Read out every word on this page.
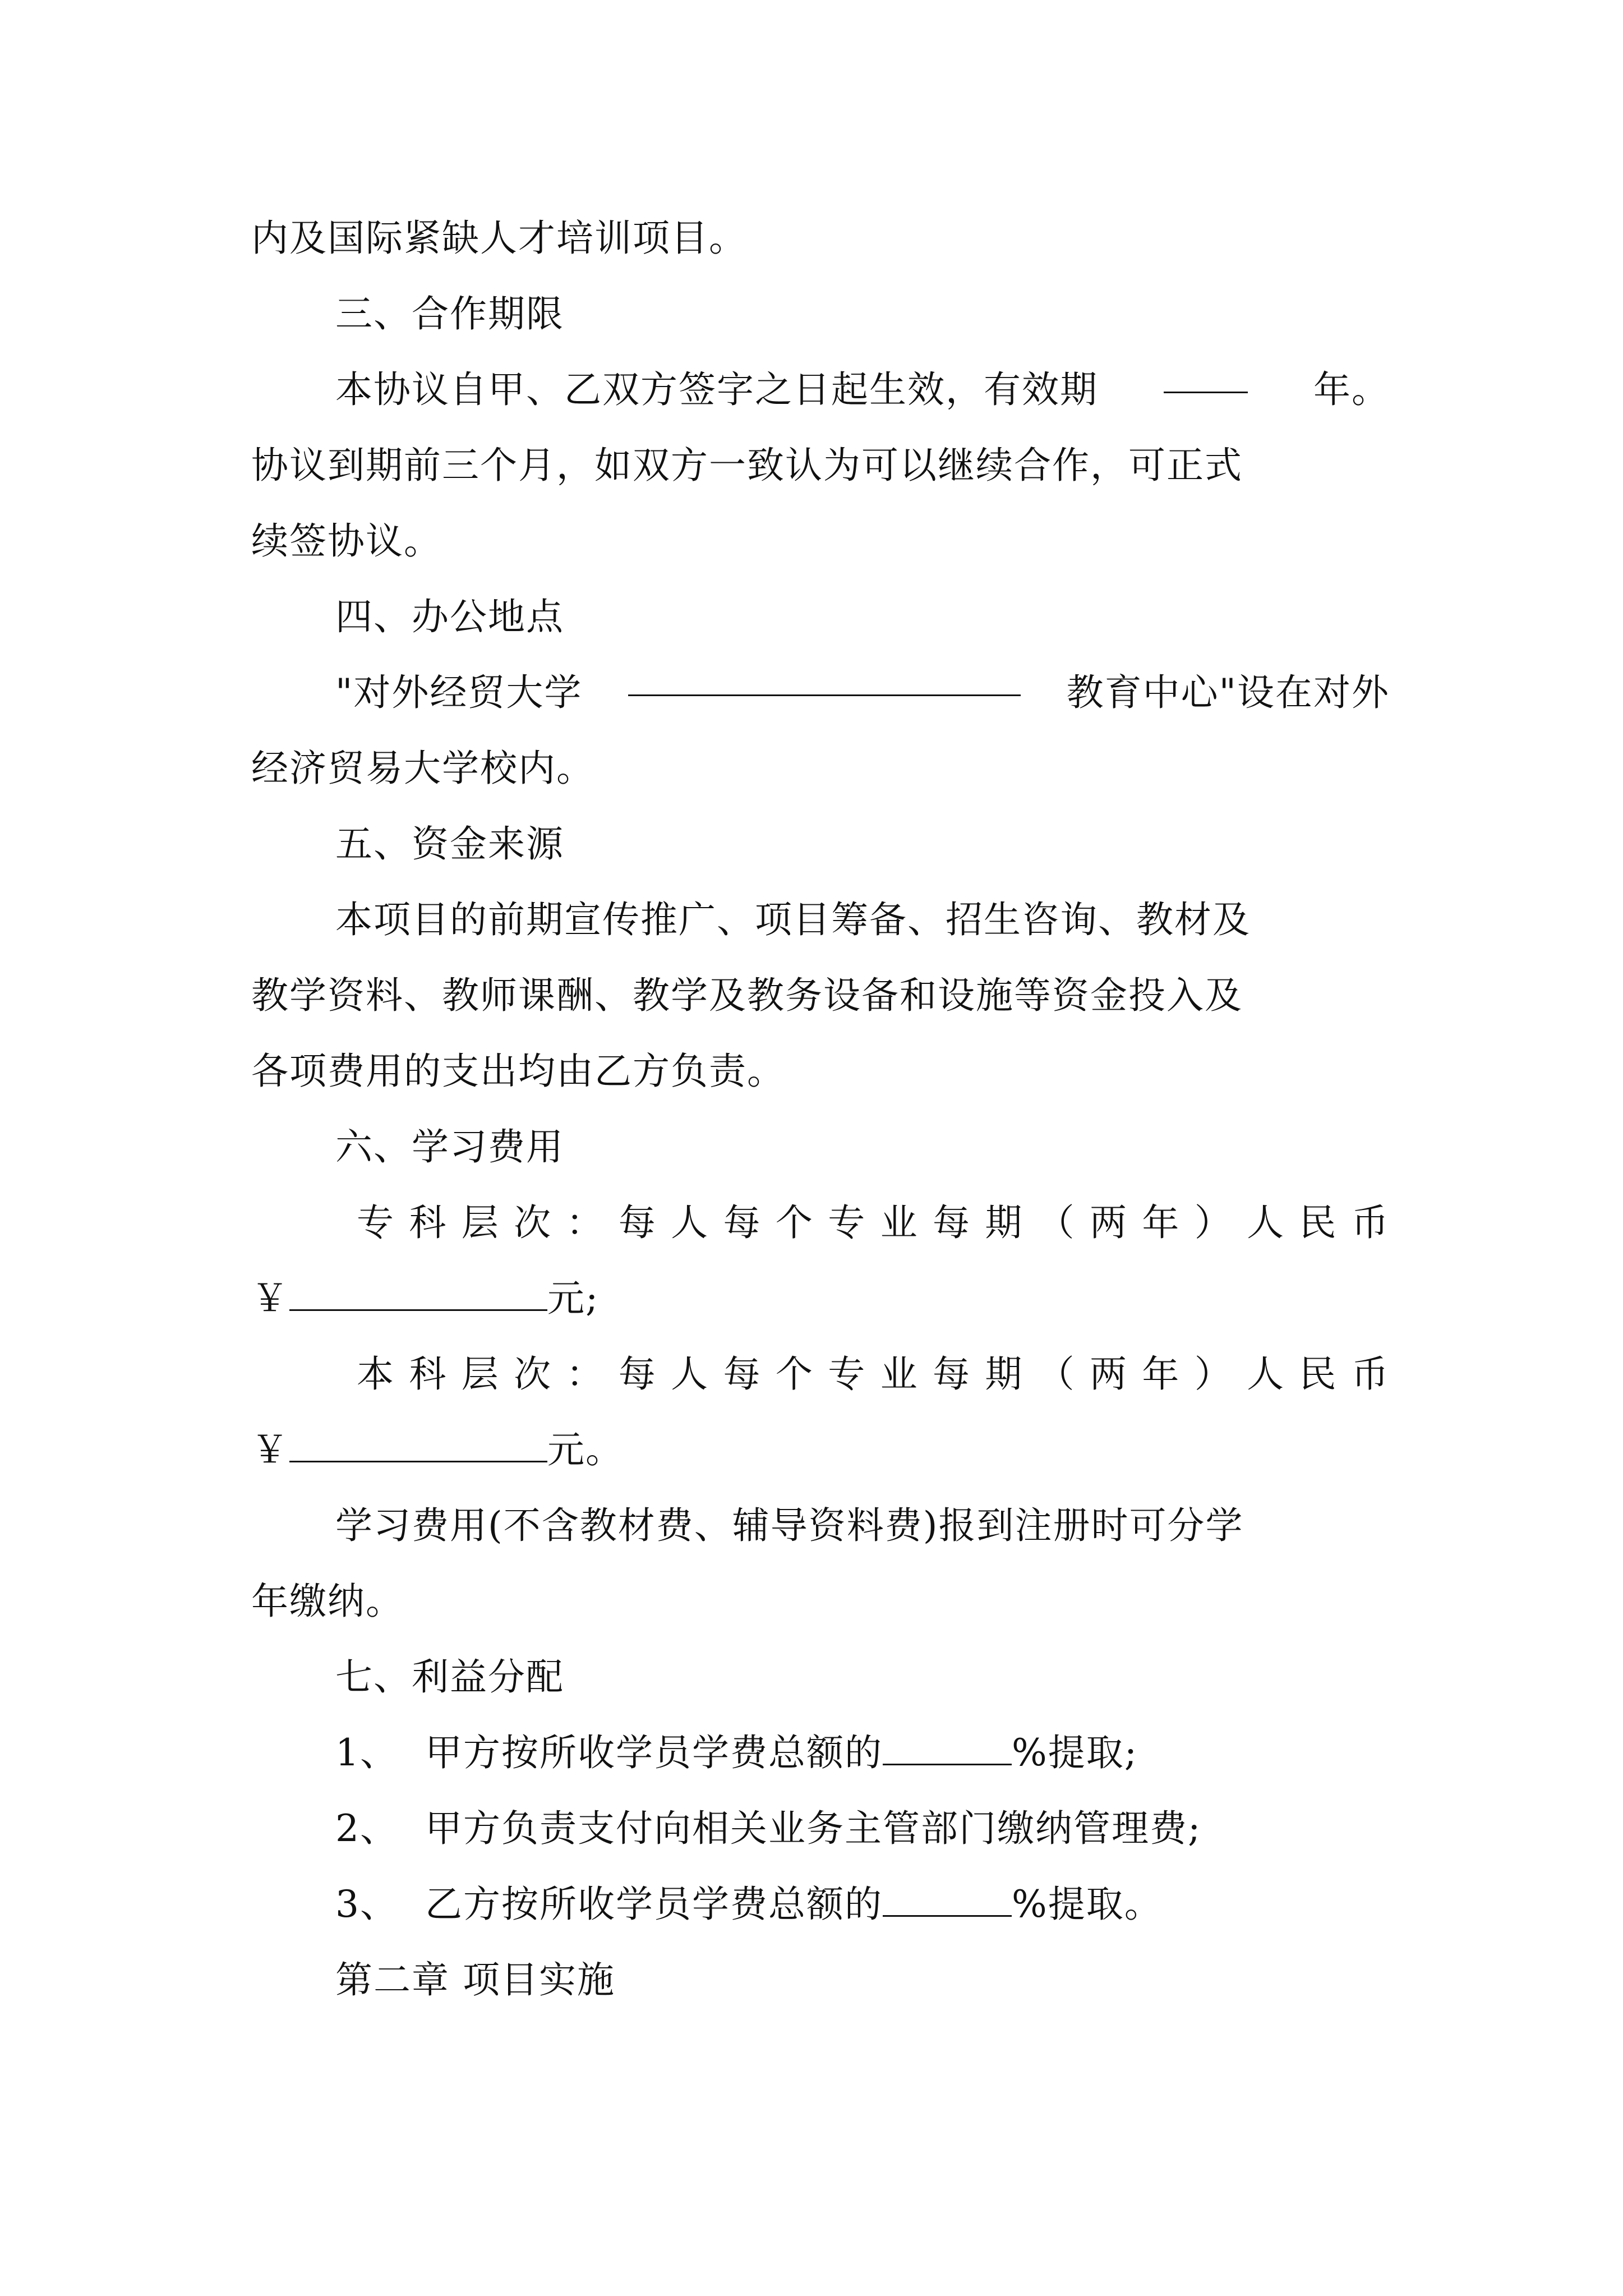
内及国际紧缺人才培训项目。
三、合作期限
本协议自甲、乙双方签字之日起生效，有效期	年。
协议到期前三个月，如双方一致认为可以继续合作，可正式
续签协议。
四、办公地点
"对外经贸大学	教育中心"设在对外
经济贸易大学校内。
五、资金来源
本项目的前期宣传推广、项目筹备、招生咨询、教材及
教学资料、教师课酬、教学及教务设备和设施等资金投入及
各项费用的支出均由乙方负责。
六、学习费用
专 科 层 次 ： 每 人 每 个 专 业 每 期 （ 两 年 ） 人 民 币
￥	元;
本 科 层 次 ： 每 人 每 个 专 业 每 期 （ 两 年 ） 人 民 币
￥	元。
学习费用(不含教材费、辅导资料费)报到注册时可分学
年缴纳。
七、利益分配
1、 甲方按所收学员学费总额的	%提取;
2、 甲方负责支付向相关业务主管部门缴纳管理费;
3、 乙方按所收学员学费总额的	%提取。
第二章 项目实施
